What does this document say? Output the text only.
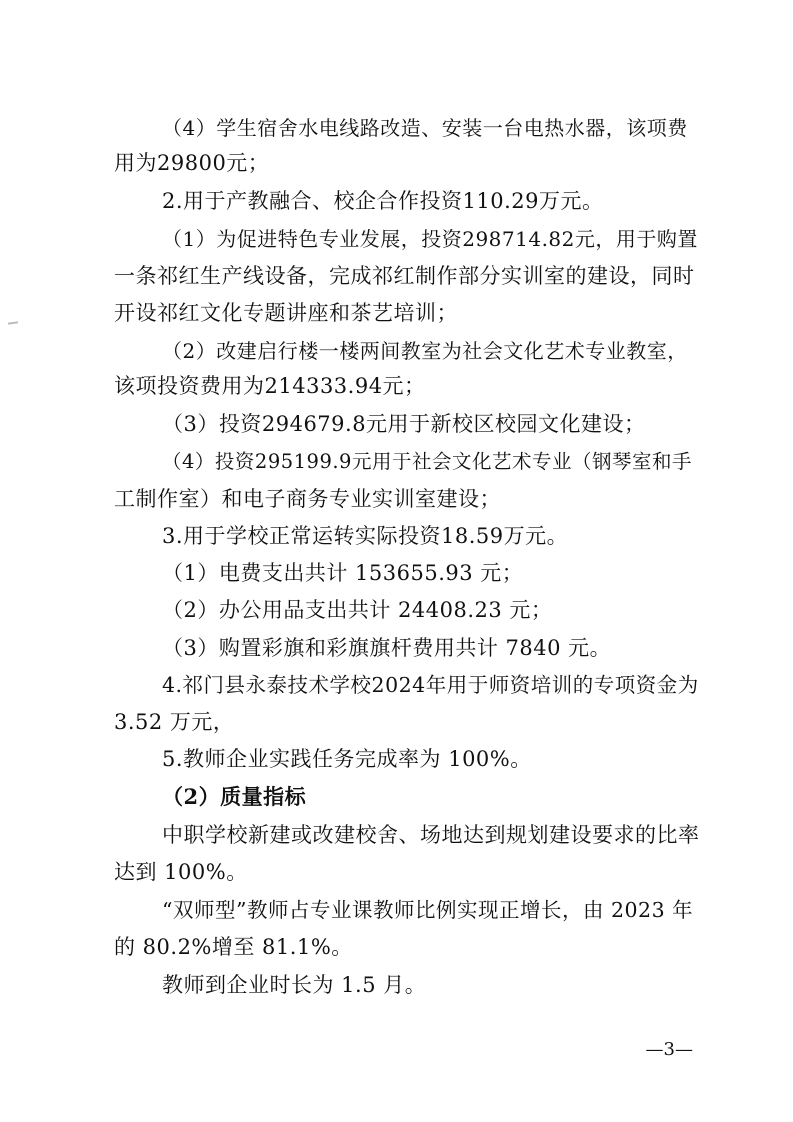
（4）学生宿舍水电线路改造、安装一台电热水器，该项费
用为29800元；
2.用于产教融合、校企合作投资110.29万元。
（1）为促进特色专业发展，投资298714.82元，用于购置
一条祁红生产线设备，完成祁红制作部分实训室的建设，同时
开设祁红文化专题讲座和茶艺培训；
（2）改建启行楼一楼两间教室为社会文化艺术专业教室，
该项投资费用为214333.94元；
（3）投资294679.8元用于新校区校园文化建设；
（4）投资295199.9元用于社会文化艺术专业（钢琴室和手
工制作室）和电子商务专业实训室建设；
3.用于学校正常运转实际投资18.59万元。
（1）电费支出共计 153655.93 元；
（2）办公用品支出共计 24408.23 元；
（3）购置彩旗和彩旗旗杆费用共计 7840 元。
4.祁门县永泰技术学校2024年用于师资培训的专项资金为
3.52 万元，
5.教师企业实践任务完成率为 100%。
（2）质量指标
中职学校新建或改建校舍、场地达到规划建设要求的比率
达到 100%。
“双师型”教师占专业课教师比例实现正增长，由 2023 年
的 80.2%增至 81.1%。
教师到企业时长为 1.5 月。
—3—
